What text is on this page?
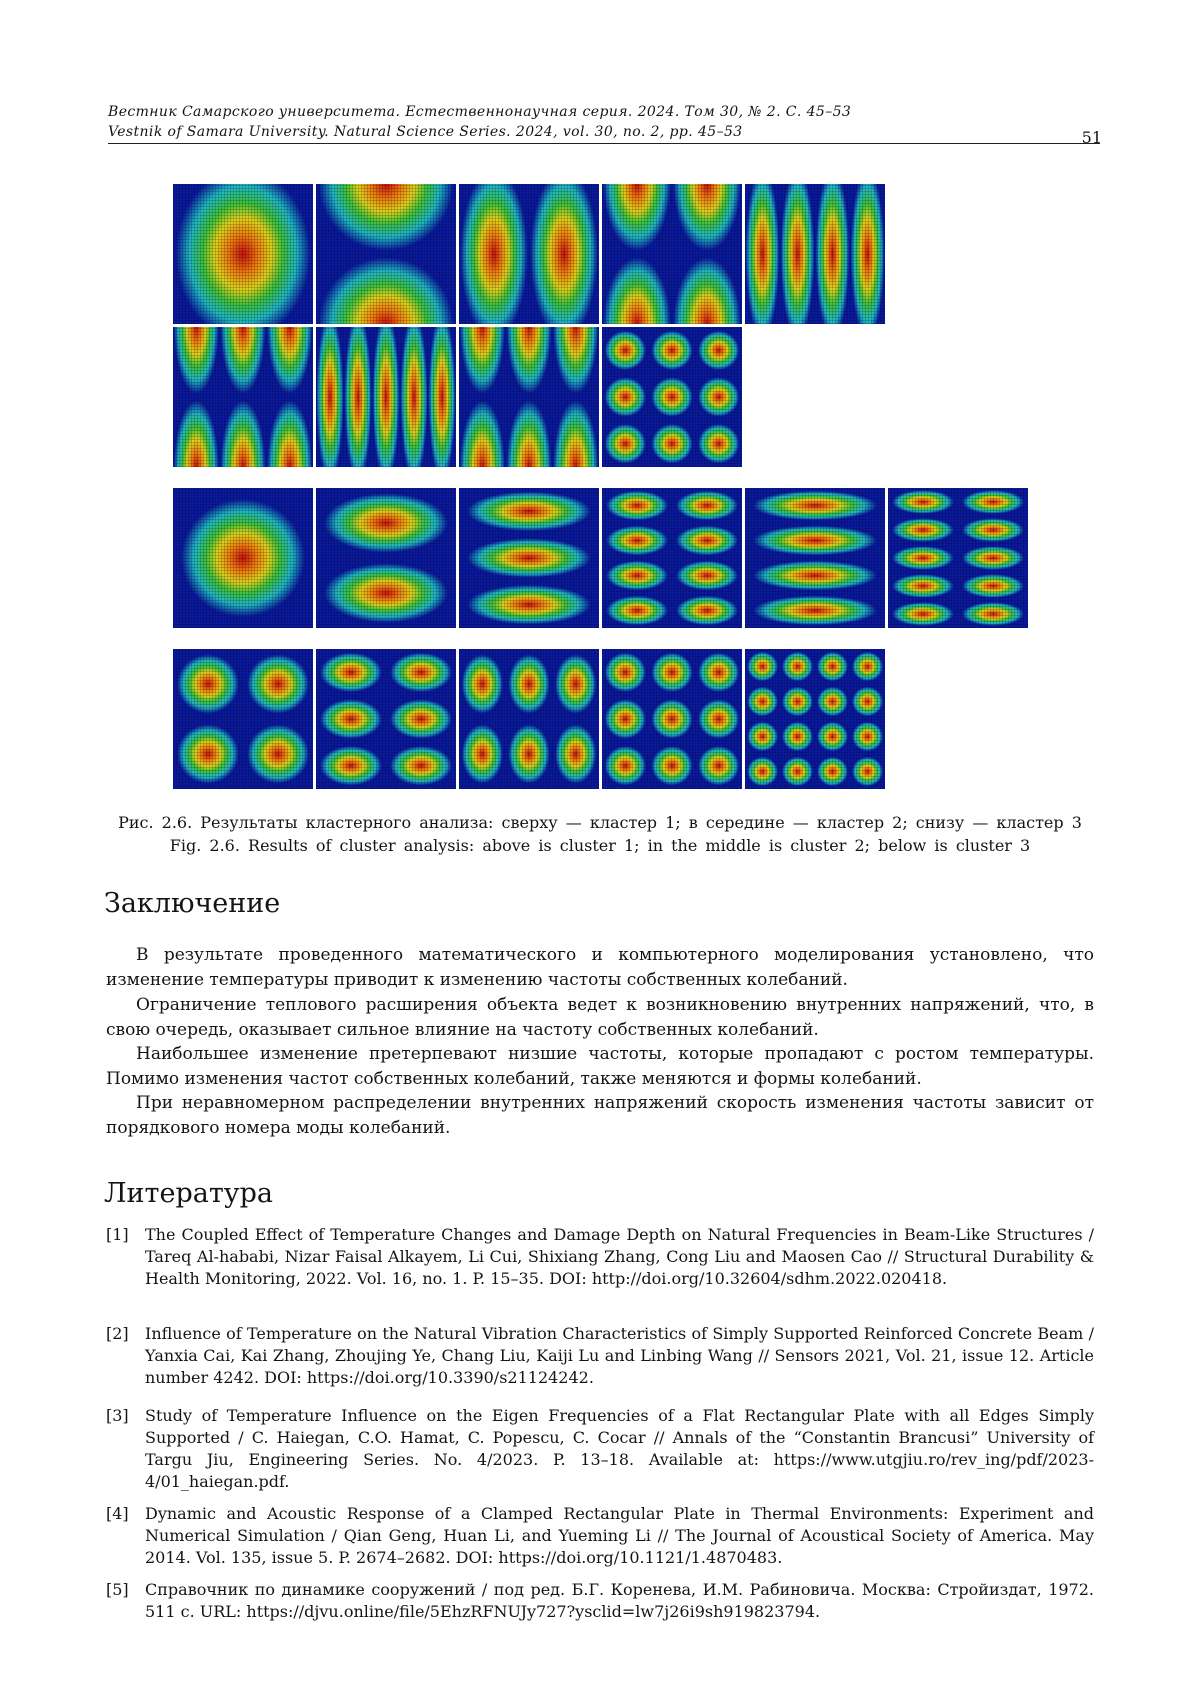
Вестник Самарского университета. Естественнонаучная серия. 2024. Том 30, № 2. С. 45–53
Vestnik of Samara University. Natural Science Series. 2024, vol. 30, no. 2, pp. 45–53	51
Рис. 2.6. Результаты кластерного анализа: сверху — кластер 1; в середине — кластер 2; снизу — кластер 3
Fig. 2.6. Results of cluster analysis: above is cluster 1; in the middle is cluster 2; below is cluster 3
Заключение

В результате проведенного математического и компьютерного моделирования установлено, что изменение температуры приводит к изменению частоты собственных колебаний.

Ограничение теплового расширения объекта ведет к возникновению внутренних напряжений, что, в свою очередь, оказывает сильное влияние на частоту собственных колебаний.

Наибольшее изменение претерпевают низшие частоты, которые пропадают с ростом температуры. Помимо изменения частот собственных колебаний, также меняются и формы колебаний.

При неравномерном распределении внутренних напряжений скорость изменения частоты зависит от порядкового номера моды колебаний.

Литература
[1]	The Coupled Effect of Temperature Changes and Damage Depth on Natural Frequencies in Beam-Like Structures / Tareq Al-hababi, Nizar Faisal Alkayem, Li Cui, Shixiang Zhang, Cong Liu and Maosen Cao // Structural Durability & Health Monitoring, 2022. Vol. 16, no. 1. P. 15–35. DOI: http://doi.org/10.32604/sdhm.2022.020418.
[2]	Influence of Temperature on the Natural Vibration Characteristics of Simply Supported Reinforced Concrete Beam / Yanxia Cai, Kai Zhang, Zhoujing Ye, Chang Liu, Kaiji Lu and Linbing Wang // Sensors 2021, Vol. 21, issue 12. Article number 4242. DOI: https://doi.org/10.3390/s21124242.
[3]	Study of Temperature Influence on the Eigen Frequencies of a Flat Rectangular Plate with all Edges Simply Supported / C. Haiegan, C.O. Hamat, C. Popescu, C. Cocar // Annals of the “Constantin Brancusi” University of Targu Jiu, Engineering Series. No. 4/2023. P. 13–18. Available at: https://www.utgjiu.ro/rev_ing/pdf/2023-4/01_haiegan.pdf.
[4]	Dynamic and Acoustic Response of a Clamped Rectangular Plate in Thermal Environments: Experiment and Numerical Simulation / Qian Geng, Huan Li, and Yueming Li // The Journal of Acoustical Society of America. May 2014. Vol. 135, issue 5. P. 2674–2682. DOI: https://doi.org/10.1121/1.4870483.
[5]	Справочник по динамике сооружений / под ред. Б.Г. Коренева, И.М. Рабиновича. Москва: Стройиздат, 1972. 511 с. URL: https://djvu.online/file/5EhzRFNUJy727?ysclid=lw7j26i9sh919823794.
